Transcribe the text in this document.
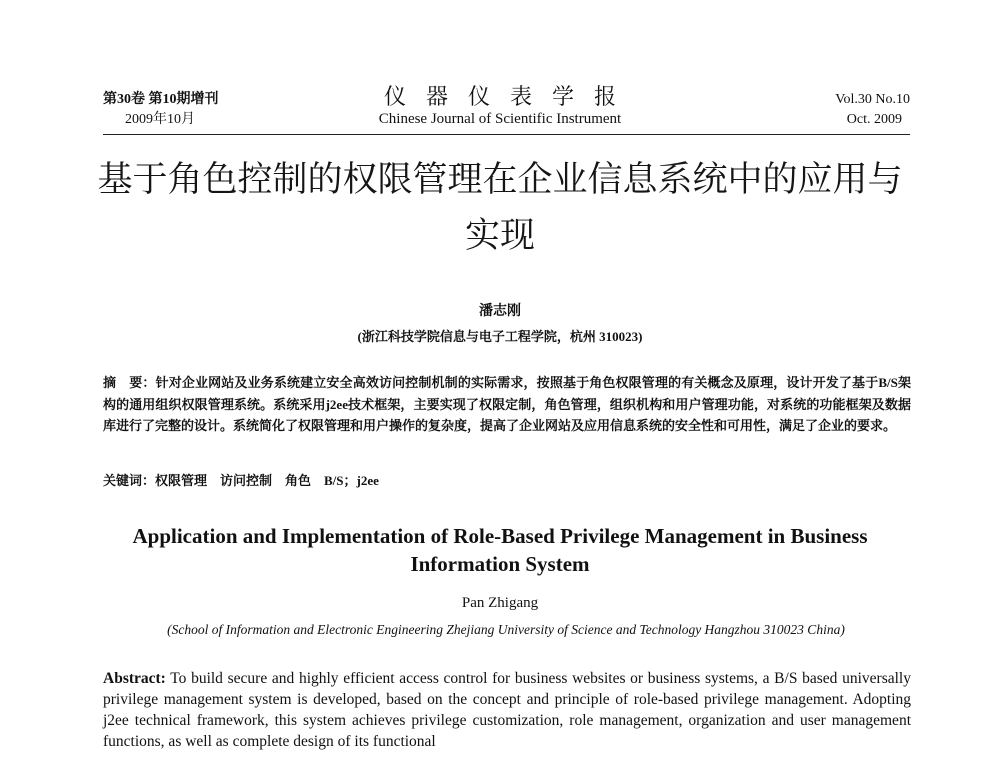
第30卷 第10期增刊
2009年10月
仪器仪表学报
Chinese Journal of Scientific Instrument
Vol.30 No.10
Oct. 2009
基于角色控制的权限管理在企业信息系统中的应用与实现
潘志刚
(浙江科技学院信息与电子工程学院，杭州 310023)
摘　要：针对企业网站及业务系统建立安全高效访问控制机制的实际需求，按照基于角色权限管理的有关概念及原理，设计开发了基于B/S架构的通用组织权限管理系统。系统采用j2ee技术框架，主要实现了权限定制，角色管理，组织机构和用户管理功能，对系统的功能框架及数据库进行了完整的设计。系统简化了权限管理和用户操作的复杂度，提高了企业网站及应用信息系统的安全性和可用性，满足了企业的要求。
关键词：权限管理　访问控制　角色　B/S；j2ee
Application and Implementation of Role-Based Privilege Management in Business Information System
Pan Zhigang
(School of Information and Electronic Engineering Zhejiang University of Science and Technology Hangzhou 310023 China)
Abstract: To build secure and highly efficient access control for business websites or business systems, a B/S based universally privilege management system is developed, based on the concept and principle of role-based privilege management. Adopting j2ee technical framework, this system achieves privilege customization, role management, organization and user management functions, as well as complete design of its functional
